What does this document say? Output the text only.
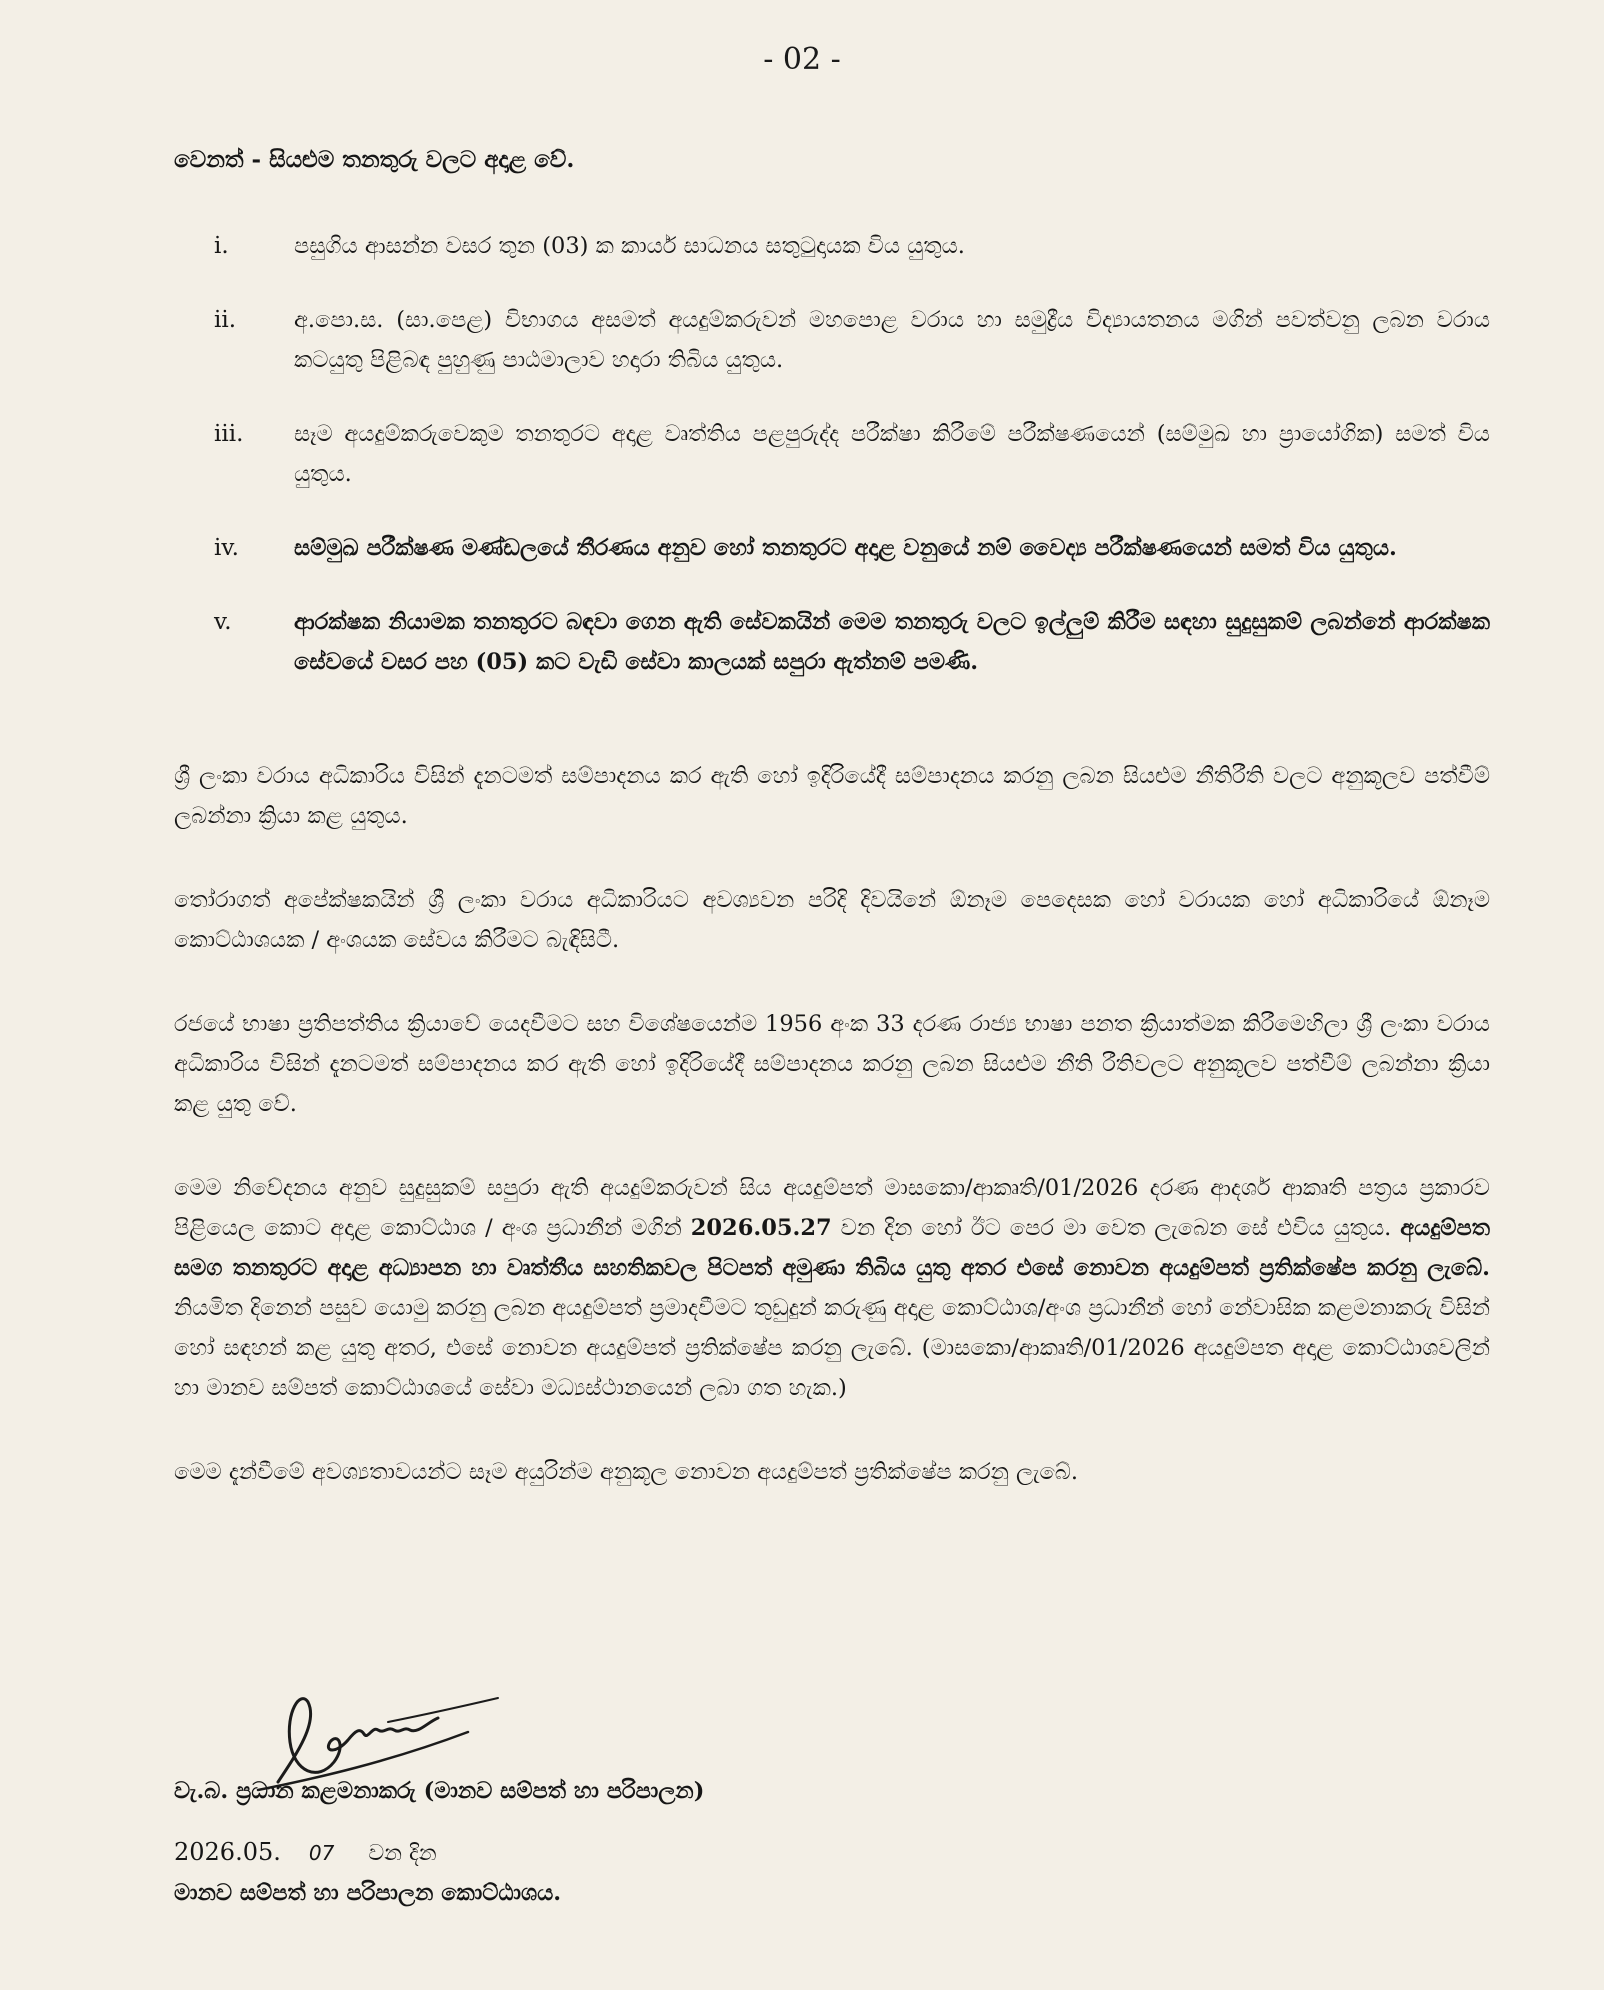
- 02 -

වෙනත් - සියළුම තනතුරු වලට අදාළ වේ.

i.	පසුගිය ආසන්න වසර තුන (03) ක කාර්ය සාධනය සතුටුදායක විය යුතුය.
ii.	අ.පො.ස. (සා.පෙළ) විභාගය අසමත් අයදුම්කරුවන් මහපොළ වරාය හා සමුද්‍රීය විද්‍යායතනය මගින් පවත්වනු ලබන වරාය කටයුතු පිළිබඳ පුහුණු පාඨමාලාව හදාරා තිබිය යුතුය.
iii.	සෑම අයදුම්කරුවෙකුම තනතුරට අදාළ වෘත්තිය පළපුරුද්ද පරීක්ෂා කිරීමේ පරීක්ෂණයෙන් (සම්මුඛ හා ප්‍රායෝගික) සමත් විය යුතුය.
iv.	සම්මුඛ පරීක්ෂණ මණ්ඩලයේ තීරණය අනුව හෝ තනතුරට අදාළ වනුයේ නම් වෛද්‍ය පරීක්ෂණයෙන් සමත් විය යුතුය.
v.	ආරක්ෂක නියාමක තනතුරට බඳවා ගෙන ඇති සේවකයින් මෙම තනතුරු වලට ඉල්ලුම් කිරීම සඳහා සුදුසුකම් ලබන්නේ ආරක්ෂක සේවයේ වසර පහ (05) කට වැඩි සේවා කාලයක් සපුරා ඇත්නම් පමණි.

ශ්‍රී ලංකා වරාය අධිකාරිය විසින් දැනටමත් සම්පාදනය කර ඇති හෝ ඉදිරියේදී සම්පාදනය කරනු ලබන සියළුම නීතිරීති වලට අනුකූලව පත්වීම් ලබන්නා ක්‍රියා කළ යුතුය.

තෝරාගත් අපේක්ෂකයින් ශ්‍රී ලංකා වරාය අධිකාරියට අවශ්‍යවන පරිදි දිවයිනේ ඕනෑම පෙදෙසක හෝ වරායක හෝ අධිකාරියේ ඕනෑම කොට්ඨාශයක / අංශයක සේවය කිරීමට බැඳිසිටී.

රජයේ භාෂා ප්‍රතිපත්තිය ක්‍රියාවේ යෙදවීමට සහ විශේෂයෙන්ම 1956 අංක 33 දරණ රාජ්‍ය භාෂා පනත ක්‍රියාත්මක කිරීමෙහිලා ශ්‍රී ලංකා වරාය අධිකාරිය විසින් දැනටමත් සම්පාදනය කර ඇති හෝ ඉදිරියේදී සම්පාදනය කරනු ලබන සියළුම නීති රීතිවලට අනුකූලව පත්වීම් ලබන්නා ක්‍රියා කළ යුතු වේ.

මෙම නිවේදනය අනුව සුදුසුකම් සපුරා ඇති අයදුම්කරුවන් සිය අයදුම්පත් මාසකො/ආකෘති/01/2026 දරණ ආදර්ශ ආකෘති පත්‍රය ප්‍රකාරව පිළියෙල කොට අදාළ කොට්ඨාශ / අංශ ප්‍රධානීන් මගින් 2026.05.27 වන දින හෝ ඊට පෙර මා වෙත ලැබෙන සේ එවිය යුතුය. අයදුම්පත සමග තනතුරට අදාළ අධ්‍යාපන හා වෘත්තීය සහතිකවල පිටපත් අමුණා තිබිය යුතු අතර එසේ නොවන අයදුම්පත් ප්‍රතික්ෂේප කරනු ලැබේ. නියමිත දිනෙන් පසුව යොමු කරනු ලබන අයදුම්පත් ප්‍රමාදවීමට තුඩුදුන් කරුණු අදාළ කොට්ඨාශ/අංශ ප්‍රධානීන් හෝ නේවාසික කළමනාකරු විසින් හෝ සඳහන් කළ යුතු අතර, එසේ නොවන අයදුම්පත් ප්‍රතික්ෂේප කරනු ලැබේ. (මාසකො/ආකෘති/01/2026 අයදුම්පත අදාළ කොට්ඨාශවලින් හා මානව සම්පත් කොට්ඨාශයේ සේවා මධ්‍යස්ථානයෙන් ලබා ගත හැක.)

මෙම දැන්වීමේ අවශ්‍යතාවයන්ට සෑම අයුරින්ම අනුකූල නොවන අයදුම්පත් ප්‍රතික්ෂේප කරනු ලැබේ.

වැ.බ. ප්‍රධාන කළමනාකරු (මානව සම්පත් හා පරිපාලන)
2026.05. 07 වන දින
මානව සම්පත් හා පරිපාලන කොට්ඨාශය.
